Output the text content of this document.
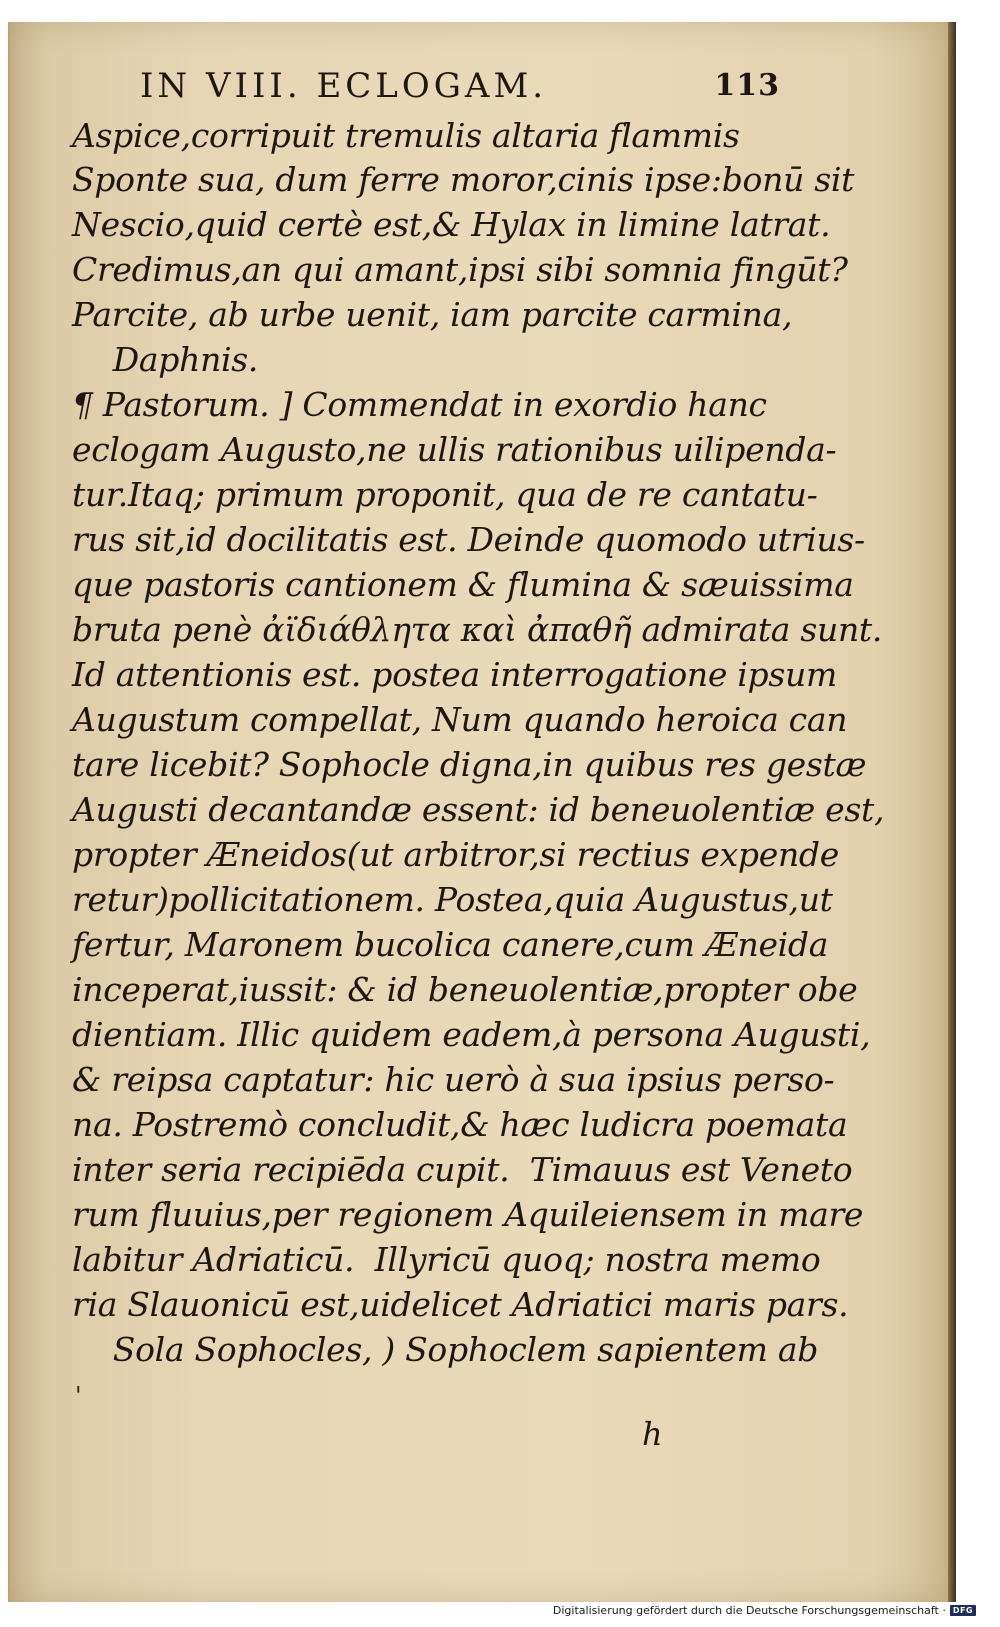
IN VIII. ECLOGAM.	113
Aspice,corripuit tremulis altaria flammis
Sponte sua, dum ferre moror,cinis ipse:bonū sit
Nescio,quid certè est,& Hylax in limine latrat.
Credimus,an qui amant,ipsi sibi somnia fingūt?
Parcite, ab urbe uenit, iam parcite carmina,
Daphnis.
¶ Pastorum. ] Commendat in exordio hanc
eclogam Augusto,ne ullis rationibus uilipenda-
tur.Itaq; primum proponit, qua de re cantatu-
rus sit,id docilitatis est. Deinde quomodo utrius-
que pastoris cantionem & flumina & sæuissima
bruta penè ἀϊδιάθλητα καὶ ἀπαθῆ admirata sunt.
Id attentionis est. postea interrogatione ipsum
Augustum compellat, Num quando heroica can
tare licebit? Sophocle digna,in quibus res gestæ
Augusti decantandæ essent: id beneuolentiæ est,
propter Æneidos(ut arbitror,si rectius expende
retur)pollicitationem. Postea,quia Augustus,ut
fertur, Maronem bucolica canere,cum Æneida
inceperat,iussit: & id beneuolentiæ,propter obe
dientiam. Illic quidem eadem,à persona Augusti,
& reipsa captatur: hic uerò à sua ipsius perso-
na. Postremò concludit,& hæc ludicra poemata
inter seria recipiēda cupit.  Timauus est Veneto
rum fluuius,per regionem Aquileiensem in mare
labitur Adriaticū.  Illyricū quoq; nostra memo
ria Slauonicū est,uidelicet Adriatici maris pars.
Sola Sophocles, ) Sophoclem sapientem ab
'
h
Digitalisierung gefördert durch die Deutsche Forschungsgemeinschaft · DFG
